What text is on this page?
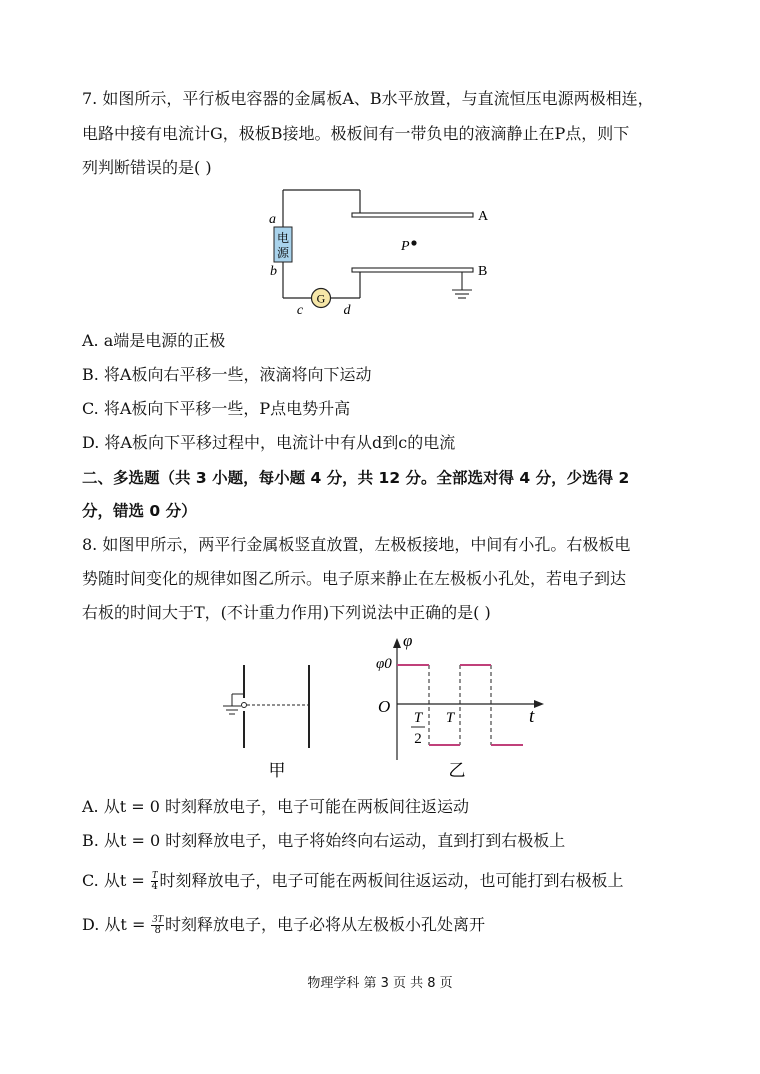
7. 如图所示，平行板电容器的金属板A、B水平放置，与直流恒压电源两极相连，
电路中接有电流计G，极板B接地。极板间有一带负电的液滴静止在P点，则下
列判断错误的是( )
电
源
G
a
b
c	d
A
B
P
A. a端是电源的正极
B. 将A板向右平移一些，液滴将向下运动
C. 将A板向下平移一些，P点电势升高
D. 将A板向下平移过程中，电流计中有从d到c的电流
二、多选题（共 3 小题，每小题 4 分，共 12 分。全部选对得 4 分，少选得 2
分，错选 0 分）
8. 如图甲所示，两平行金属板竖直放置，左极板接地，中间有小孔。右极板电
势随时间变化的规律如图乙所示。电子原来静止在左极板小孔处，若电子到达
右板的时间大于T，(不计重力作用)下列说法中正确的是( )
甲
φ
φ0
O	t
T
2
T
乙
A. 从t = 0 时刻释放电子，电子可能在两板间往返运动
B. 从t = 0 时刻释放电子，电子将始终向右运动，直到打到右极板上
C. 从$t = \frac{T}{4}$ 时刻释放电子，电子可能在两板间往返运动，也可能打到右极板上
D. 从$t = \frac{3T}{8}$ 时刻释放电子，电子必将从左极板小孔处离开
物理学科 第 3 页 共 8 页
